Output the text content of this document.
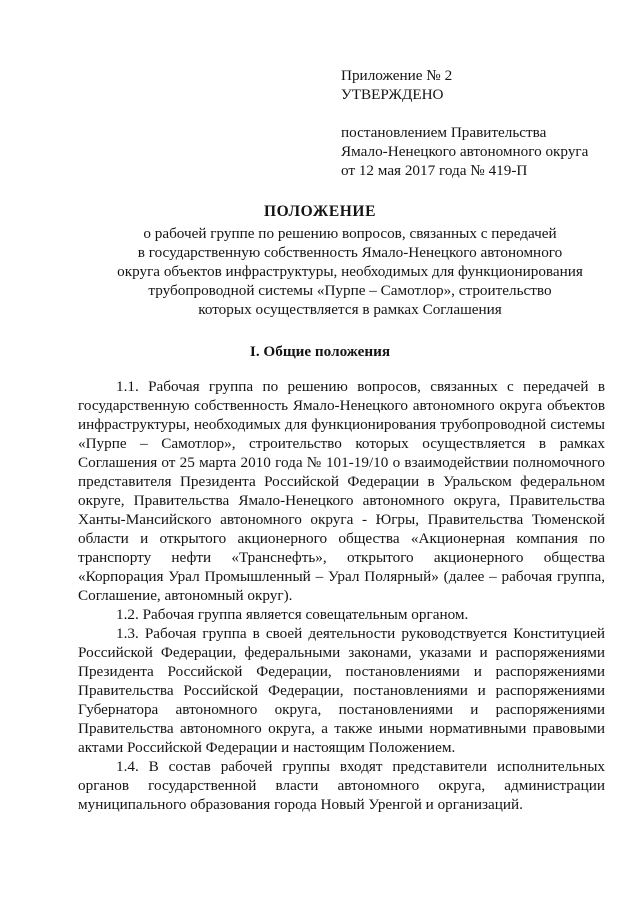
Приложение № 2
УТВЕРЖДЕНО
постановлением Правительства
Ямало-Ненецкого автономного округа
от 12 мая 2017 года № 419-П
ПОЛОЖЕНИЕ
о рабочей группе по решению вопросов, связанных с передачей
в государственную собственность Ямало-Ненецкого автономного
округа объектов инфраструктуры, необходимых для функционирования
трубопроводной системы «Пурпе – Самотлор», строительство
которых осуществляется в рамках Соглашения
I. Общие положения

1.1. Рабочая группа по решению вопросов, связанных с передачей в государственную собственность Ямало-Ненецкого автономного округа объектов инфраструктуры, необходимых для функционирования трубопроводной системы «Пурпе – Самотлор», строительство которых осуществляется в рамках Соглашения от 25 марта 2010 года № 101-19/10 о взаимодействии полномочного представителя Президента Российской Федерации в Уральском федеральном округе, Правительства Ямало-Ненецкого автономного округа, Правительства Ханты-Мансийского автономного округа - Югры, Правительства Тюменской области и открытого акционерного общества «Акционерная компания по транспорту нефти «Транснефть», открытого акционерного общества «Корпорация Урал Промышленный – Урал Полярный» (далее – рабочая группа, Соглашение, автономный округ).

1.2. Рабочая группа является совещательным органом.

1.3. Рабочая группа в своей деятельности руководствуется Конституцией Российской Федерации, федеральными законами, указами и распоряжениями Президента Российской Федерации, постановлениями и распоряжениями Правительства Российской Федерации, постановлениями и распоряжениями Губернатора автономного округа, постановлениями и распоряжениями Правительства автономного округа, а также иными нормативными правовыми актами Российской Федерации и настоящим Положением.

1.4. В состав рабочей группы входят представители исполнительных органов государственной власти автономного округа, администрации муниципального образования города Новый Уренгой и организаций.
